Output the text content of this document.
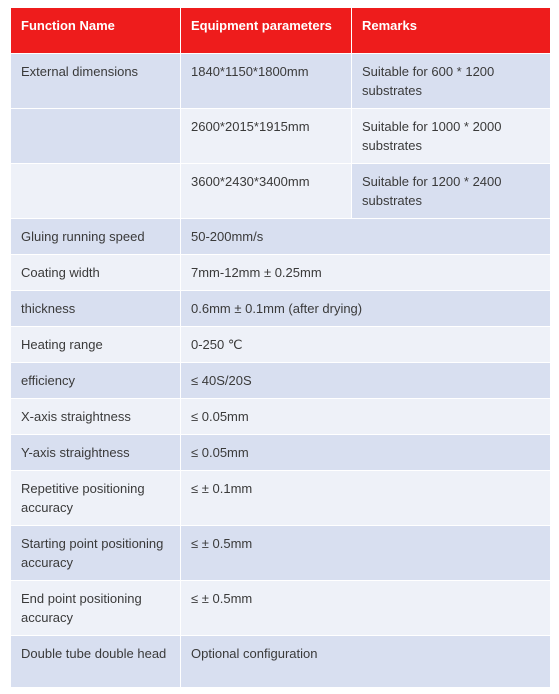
Function Name	Equipment parameters	Remarks
External dimensions	1840*1150*1800mm	Suitable for 600 * 1200 substrates
	2600*2015*1915mm	Suitable for 1000 * 2000 substrates
	3600*2430*3400mm	Suitable for 1200 * 2400 substrates
Gluing running speed	50-200mm/s	
Coating width	7mm-12mm ± 0.25mm	
thickness	0.6mm ± 0.1mm (after drying)	
Heating range	0-250 ℃	
efficiency	≤ 40S/20S	
X-axis straightness	≤ 0.05mm	
Y-axis straightness	≤ 0.05mm	
Repetitive positioning accuracy	≤ ± 0.1mm	
Starting point positioning accuracy	≤ ± 0.5mm	
End point positioning accuracy	≤ ± 0.5mm	
Double tube double head	Optional configuration	
